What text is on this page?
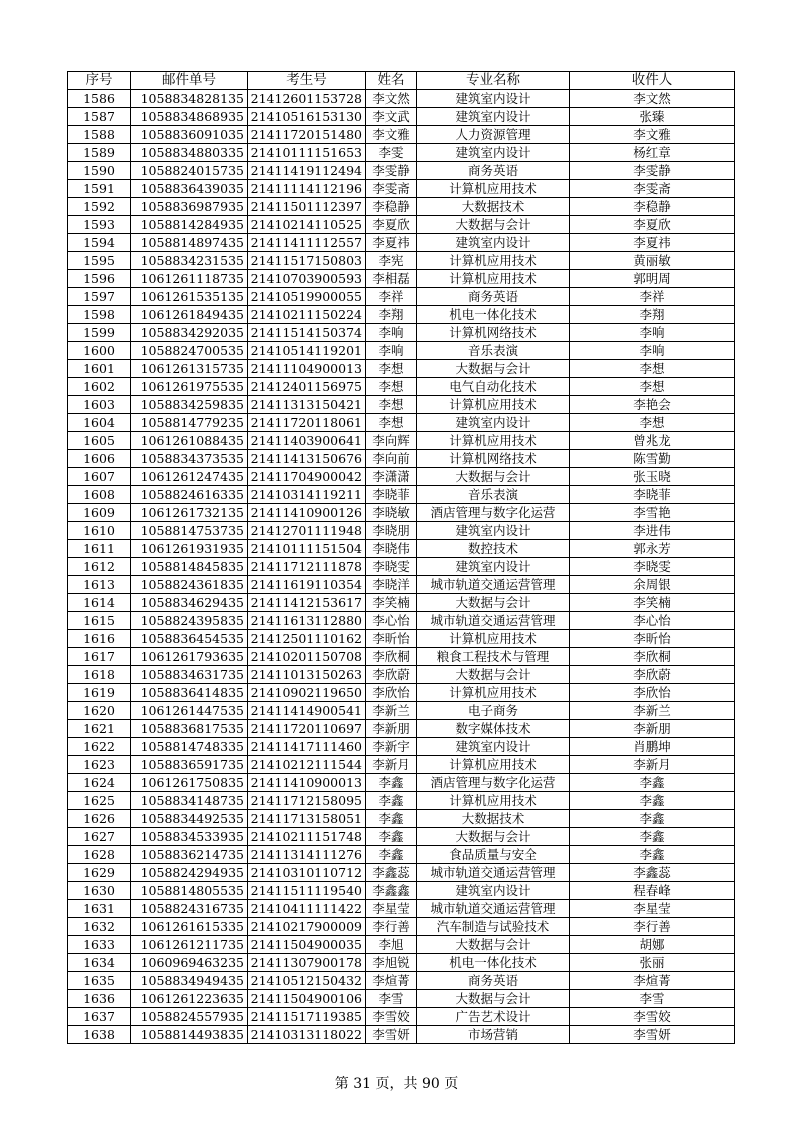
序号	邮件单号	考生号	姓名	专业名称	收件人
1586	1058834828135	21412601153728	李文然	建筑室内设计	李文然
1587	1058834868935	21410516153130	李文武	建筑室内设计	张臻
1588	1058836091035	21411720151480	李文雅	人力资源管理	李文雅
1589	1058834880335	21410111151653	李雯	建筑室内设计	杨红章
1590	1058824015735	21411419112494	李雯静	商务英语	李雯静
1591	1058836439035	21411114112196	李雯斋	计算机应用技术	李雯斋
1592	1058836987935	21411501112397	李稳静	大数据技术	李稳静
1593	1058814284935	21410214110525	李夏欣	大数据与会计	李夏欣
1594	1058814897435	21411411112557	李夏祎	建筑室内设计	李夏祎
1595	1058834231535	21411517150803	李宪	计算机应用技术	黄丽敏
1596	1061261118735	21410703900593	李相磊	计算机应用技术	郭明周
1597	1061261535135	21410519900055	李祥	商务英语	李祥
1598	1061261849435	21410211150224	李翔	机电一体化技术	李翔
1599	1058834292035	21411514150374	李响	计算机网络技术	李响
1600	1058824700535	21410514119201	李响	音乐表演	李响
1601	1061261315735	21411104900013	李想	大数据与会计	李想
1602	1061261975535	21412401156975	李想	电气自动化技术	李想
1603	1058834259835	21411313150421	李想	计算机应用技术	李艳会
1604	1058814779235	21411720118061	李想	建筑室内设计	李想
1605	1061261088435	21411403900641	李向辉	计算机应用技术	曾兆龙
1606	1058834373535	21411413150676	李向前	计算机网络技术	陈雪勤
1607	1061261247435	21411704900042	李潇潇	大数据与会计	张玉晓
1608	1058824616335	21410314119211	李晓菲	音乐表演	李晓菲
1609	1061261732135	21411410900126	李晓敏	酒店管理与数字化运营	李雪艳
1610	1058814753735	21412701111948	李晓朋	建筑室内设计	李进伟
1611	1061261931935	21410111151504	李晓伟	数控技术	郭永芳
1612	1058814845835	21411712111878	李晓雯	建筑室内设计	李晓雯
1613	1058824361835	21411619110354	李晓洋	城市轨道交通运营管理	余周银
1614	1058834629435	21411412153617	李笑楠	大数据与会计	李笑楠
1615	1058824395835	21411613112880	李心怡	城市轨道交通运营管理	李心怡
1616	1058836454535	21412501110162	李昕怡	计算机应用技术	李昕怡
1617	1061261793635	21410201150708	李欣桐	粮食工程技术与管理	李欣桐
1618	1058834631735	21411013150263	李欣蔚	大数据与会计	李欣蔚
1619	1058836414835	21410902119650	李欣怡	计算机应用技术	李欣怡
1620	1061261447535	21411414900541	李新兰	电子商务	李新兰
1621	1058836817535	21411720110697	李新朋	数字媒体技术	李新朋
1622	1058814748335	21411417111460	李新宇	建筑室内设计	肖鹏坤
1623	1058836591735	21410212111544	李新月	计算机应用技术	李新月
1624	1061261750835	21411410900013	李鑫	酒店管理与数字化运营	李鑫
1625	1058834148735	21411712158095	李鑫	计算机应用技术	李鑫
1626	1058834492535	21411713158051	李鑫	大数据技术	李鑫
1627	1058834533935	21410211151748	李鑫	大数据与会计	李鑫
1628	1058836214735	21411314111276	李鑫	食品质量与安全	李鑫
1629	1058824294935	21410310110712	李鑫蕊	城市轨道交通运营管理	李鑫蕊
1630	1058814805535	21411511119540	李鑫鑫	建筑室内设计	程春峰
1631	1058824316735	21410411111422	李星莹	城市轨道交通运营管理	李星莹
1632	1061261615335	21410217900009	李行善	汽车制造与试验技术	李行善
1633	1061261211735	21411504900035	李旭	大数据与会计	胡娜
1634	1060969463235	21411307900178	李旭锐	机电一体化技术	张丽
1635	1058834949435	21410512150432	李煊菁	商务英语	李煊菁
1636	1061261223635	21411504900106	李雪	大数据与会计	李雪
1637	1058824557935	21411517119385	李雪姣	广告艺术设计	李雪姣
1638	1058814493835	21410313118022	李雪妍	市场营销	李雪妍
第 31 页，共 90 页
